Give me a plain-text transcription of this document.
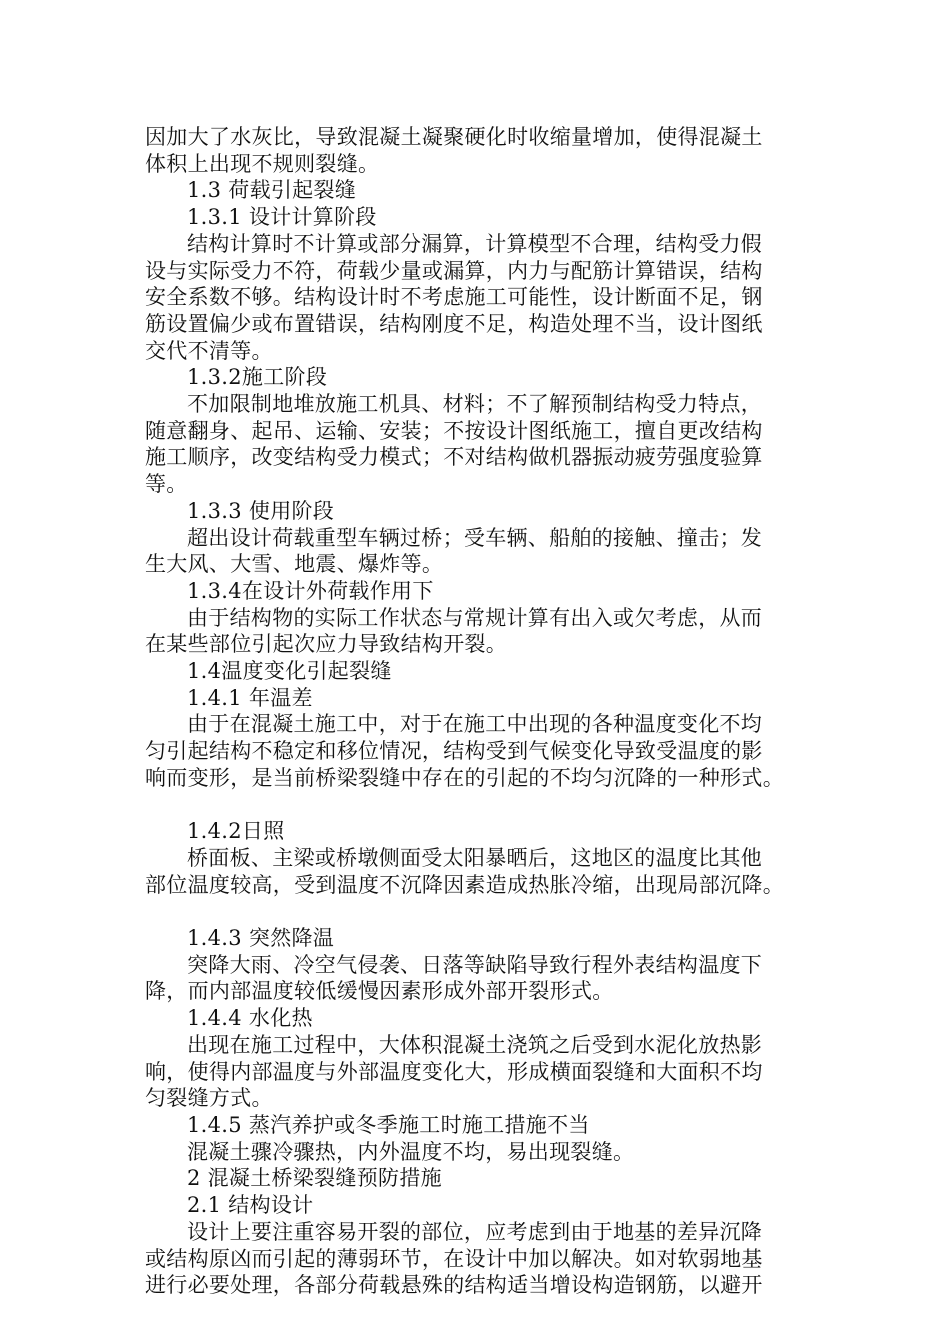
因加大了水灰比，导致混凝土凝聚硬化时收缩量增加，使得混凝土
体积上出现不规则裂缝。
1.3 荷载引起裂缝
1.3.1 设计计算阶段
结构计算时不计算或部分漏算，计算模型不合理，结构受力假
设与实际受力不符，荷载少量或漏算，内力与配筋计算错误，结构
安全系数不够。结构设计时不考虑施工可能性，设计断面不足，钢
筋设置偏少或布置错误，结构刚度不足，构造处理不当，设计图纸
交代不清等。
1.3.2施工阶段
不加限制地堆放施工机具、材料；不了解预制结构受力特点，
随意翻身、起吊、运输、安装；不按设计图纸施工，擅自更改结构
施工顺序，改变结构受力模式；不对结构做机器振动疲劳强度验算
等。
1.3.3 使用阶段
超出设计荷载重型车辆过桥；受车辆、船舶的接触、撞击；发
生大风、大雪、地震、爆炸等。
1.3.4在设计外荷载作用下
由于结构物的实际工作状态与常规计算有出入或欠考虑，从而
在某些部位引起次应力导致结构开裂。
1.4温度变化引起裂缝
1.4.1 年温差
由于在混凝土施工中，对于在施工中出现的各种温度变化不均
匀引起结构不稳定和移位情况，结构受到气候变化导致受温度的影
响而变形，是当前桥梁裂缝中存在的引起的不均匀沉降的一种形式。
1.4.2日照
桥面板、主梁或桥墩侧面受太阳暴晒后，这地区的温度比其他
部位温度较高，受到温度不沉降因素造成热胀冷缩，出现局部沉降。
1.4.3 突然降温
突降大雨、冷空气侵袭、日落等缺陷导致行程外表结构温度下
降，而内部温度较低缓慢因素形成外部开裂形式。
1.4.4 水化热
出现在施工过程中，大体积混凝土浇筑之后受到水泥化放热影
响，使得内部温度与外部温度变化大，形成横面裂缝和大面积不均
匀裂缝方式。
1.4.5 蒸汽养护或冬季施工时施工措施不当
混凝土骤冷骤热，内外温度不均，易出现裂缝。
2 混凝土桥梁裂缝预防措施
2.1 结构设计
设计上要注重容易开裂的部位，应考虑到由于地基的差异沉降
或结构原凶而引起的薄弱环节，在设计中加以解决。如对软弱地基
进行必要处理，各部分荷载悬殊的结构适当增设构造钢筋，以避开
